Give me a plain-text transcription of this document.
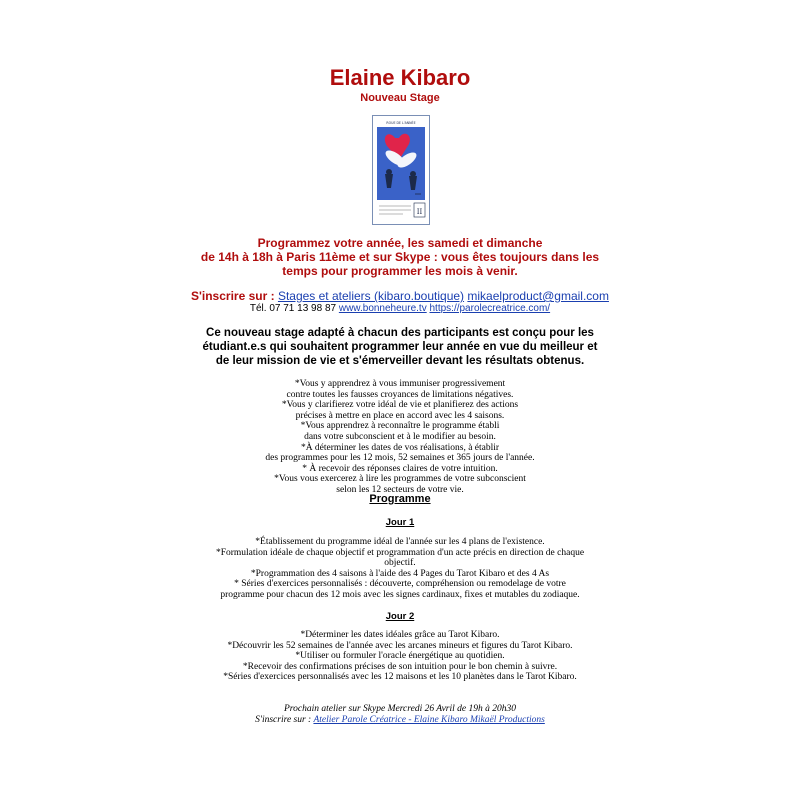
Elaine Kibaro
Nouveau Stage
ROUE DE L'ANNÉE
II
Programmez votre année, les samedi et dimanche
de 14h à 18h à Paris 11ème et sur Skype : vous êtes toujours dans les
temps pour programmer les mois à venir.
S'inscrire sur : Stages et ateliers (kibaro.boutique) mikaelproduct@gmail.com
Tél. 07 71 13 98 87 www.bonneheure.tv https://parolecreatrice.com/
Ce nouveau stage adapté à chacun des participants est conçu pour les
étudiant.e.s qui souhaitent programmer leur année en vue du meilleur et
de leur mission de vie et s'émerveiller devant les résultats obtenus.
*Vous y apprendrez à vous immuniser progressivement
contre toutes les fausses croyances de limitations négatives.
*Vous y clarifierez votre idéal de vie et planifierez des actions
précises à mettre en place en accord avec les 4 saisons.
*Vous apprendrez à reconnaître le programme établi
dans votre subconscient et à le modifier au besoin.
*À déterminer les dates de vos réalisations, à établir
des programmes pour les 12 mois, 52 semaines et 365 jours de l'année.
* À recevoir des réponses claires de votre intuition.
*Vous vous exercerez à lire les programmes de votre subconscient
selon les 12 secteurs de votre vie.
Programme
Jour 1
*Établissement du programme idéal de l'année sur les 4 plans de l'existence.
*Formulation idéale de chaque objectif et programmation d'un acte précis en direction de chaque
objectif.
*Programmation des 4 saisons à l'aide des 4 Pages du Tarot Kibaro et des 4 As
* Séries d'exercices personnalisés : découverte, compréhension ou remodelage de votre
programme pour chacun des 12 mois avec les signes cardinaux, fixes et mutables du zodiaque.
Jour 2
*Déterminer les dates idéales grâce au Tarot Kibaro.
*Découvrir les 52 semaines de l'année avec les arcanes mineurs et figures du Tarot Kibaro.
*Utiliser ou formuler l'oracle énergétique au quotidien.
*Recevoir des confirmations précises de son intuition pour le bon chemin à suivre.
*Séries d'exercices personnalisés avec les 12 maisons et les 10 planètes dans le Tarot Kibaro.
Prochain atelier sur Skype Mercredi 26 Avril de 19h à 20h30
S'inscrire sur : Atelier Parole Créatrice - Elaine Kibaro Mikaël Productions
